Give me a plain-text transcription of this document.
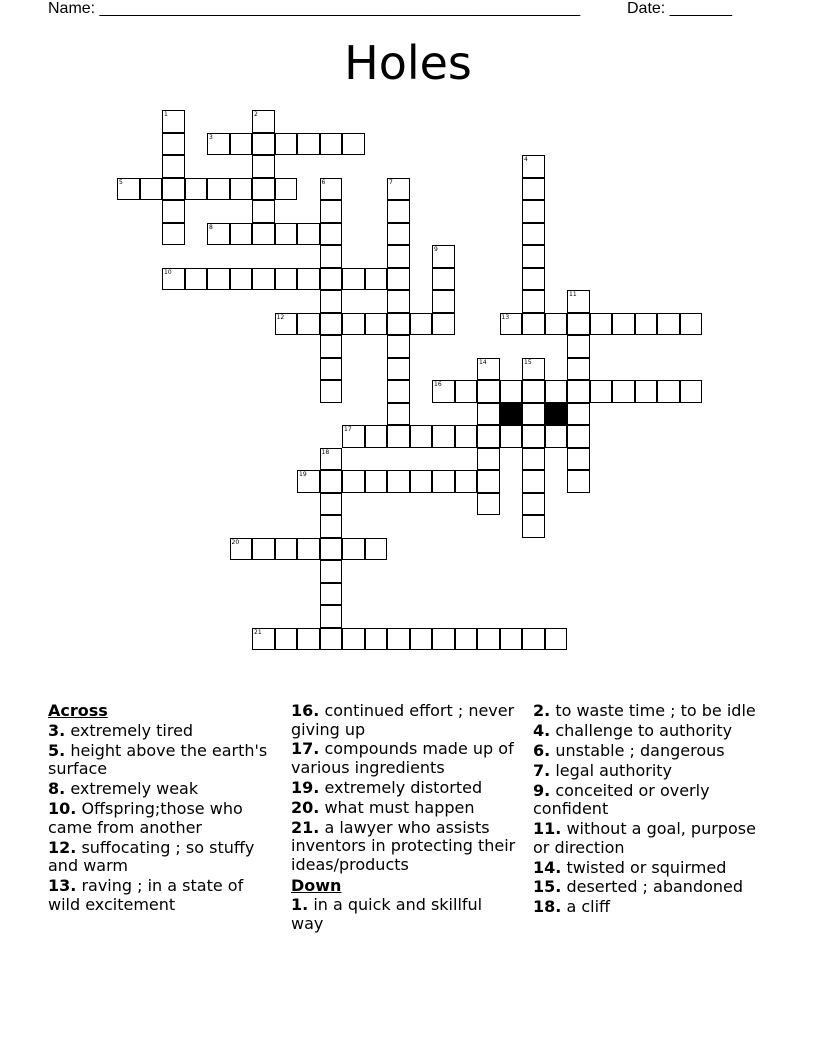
Name: ______________________________________________________	Date: _______
Holes
1	2
3
4
5	6	7
8
9
10
11
12	13
14	15
16
17
18
19
20
21
Across
3. extremely tired
5. height above the earth's surface
8. extremely weak
10. Offspring;those who came from another
12. suffocating ; so stuffy and warm
13. raving ; in a state of wild excitement
16. continued effort ; never giving up
17. compounds made up of various ingredients
19. extremely distorted
20. what must happen
21. a lawyer who assists inventors in protecting their ideas/products
Down
1. in a quick and skillful way
2. to waste time ; to be idle
4. challenge to authority
6. unstable ; dangerous
7. legal authority
9. conceited or overly confident
11. without a goal, purpose or direction
14. twisted or squirmed
15. deserted ; abandoned
18. a cliff
